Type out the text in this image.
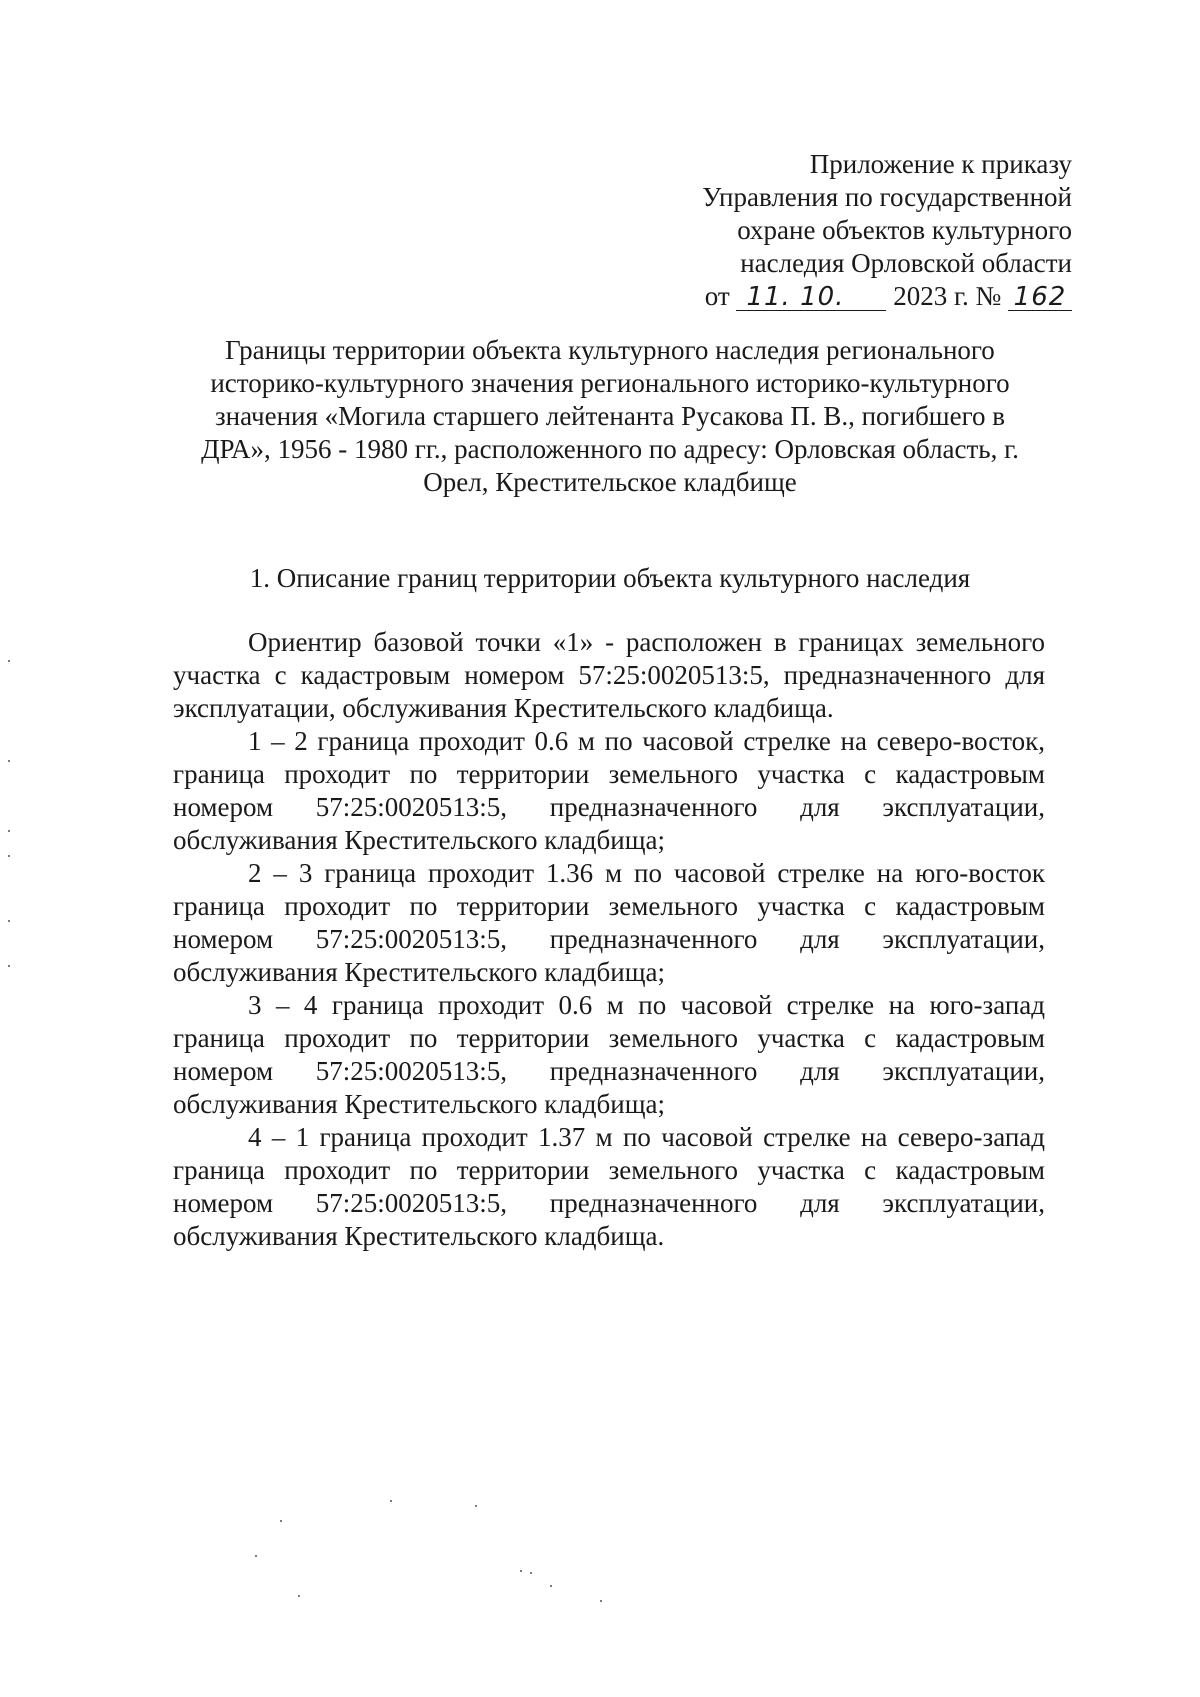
Приложение к приказу
Управления по государственной
охране объектов культурного
наследия Орловской области
от 11. 10. 2023 г. № 162
Границы территории объекта культурного наследия регионального историко-культурного значения регионального историко-культурного значения «Могила старшего лейтенанта Русакова П. В., погибшего в ДРА», 1956 - 1980 гг., расположенного по адресу: Орловская область, г. Орел, Крестительское кладбище
1. Описание границ территории объекта культурного наследия

Ориентир базовой точки «1» - расположен в границах земельного участка с кадастровым номером 57:25:0020513:5, предназначенного для эксплуатации, обслуживания Крестительского кладбища.

1 – 2 граница проходит 0.6 м по часовой стрелке на северо-восток, граница проходит по территории земельного участка с кадастровым номером 57:25:0020513:5, предназначенного для эксплуатации, обслуживания Крестительского кладбища;

2 – 3 граница проходит 1.36 м по часовой стрелке на юго-восток граница проходит по территории земельного участка с кадастровым номером 57:25:0020513:5, предназначенного для эксплуатации, обслуживания Крестительского кладбища;

3 – 4 граница проходит 0.6 м по часовой стрелке на юго-запад граница проходит по территории земельного участка с кадастровым номером 57:25:0020513:5, предназначенного для эксплуатации, обслуживания Крестительского кладбища;

4 – 1 граница проходит 1.37 м по часовой стрелке на северо-запад граница проходит по территории земельного участка с кадастровым номером 57:25:0020513:5, предназначенного для эксплуатации, обслуживания Крестительского кладбища.
